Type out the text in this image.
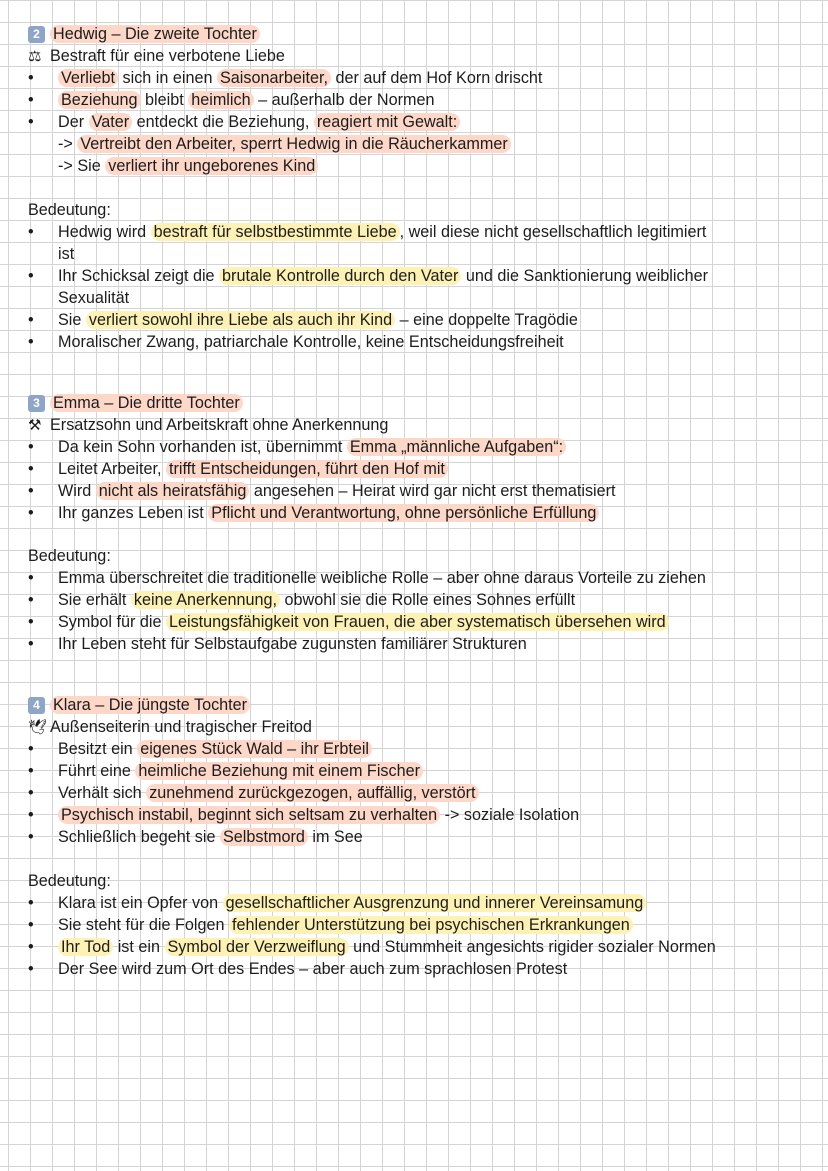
2 Hedwig – Die zweite Tochter
⚖ Bestraft für eine verbotene Liebe
• Verliebt sich in einen Saisonarbeiter, der auf dem Hof Korn drischt
• Beziehung bleibt heimlich – außerhalb der Normen
• Der Vater entdeckt die Beziehung, reagiert mit Gewalt:
-> Vertreibt den Arbeiter, sperrt Hedwig in die Räucherkammer
-> Sie verliert ihr ungeborenes Kind
Bedeutung:
• Hedwig wird bestraft für selbstbestimmte Liebe , weil diese nicht gesellschaftlich legitimiert
ist
• Ihr Schicksal zeigt die brutale Kontrolle durch den Vater und die Sanktionierung weiblicher
Sexualität
• Sie verliert sowohl ihre Liebe als auch ihr Kind – eine doppelte Tragödie
• Moralischer Zwang, patriarchale Kontrolle, keine Entscheidungsfreiheit
3 Emma – Die dritte Tochter
⚒ Ersatzsohn und Arbeitskraft ohne Anerkennung
• Da kein Sohn vorhanden ist, übernimmt Emma „männliche Aufgaben“:
• Leitet Arbeiter, trifft Entscheidungen, führt den Hof mit
• Wird nicht als heiratsfähig angesehen – Heirat wird gar nicht erst thematisiert
• Ihr ganzes Leben ist Pflicht und Verantwortung, ohne persönliche Erfüllung
Bedeutung:
• Emma überschreitet die traditionelle weibliche Rolle – aber ohne daraus Vorteile zu ziehen
• Sie erhält keine Anerkennung, obwohl sie die Rolle eines Sohnes erfüllt
• Symbol für die Leistungsfähigkeit von Frauen, die aber systematisch übersehen wird
• Ihr Leben steht für Selbstaufgabe zugunsten familiärer Strukturen
4 Klara – Die jüngste Tochter
🕊 Außenseiterin und tragischer Freitod
• Besitzt ein eigenes Stück Wald – ihr Erbteil
• Führt eine heimliche Beziehung mit einem Fischer
• Verhält sich zunehmend zurückgezogen, auffällig, verstört
• Psychisch instabil, beginnt sich seltsam zu verhalten -> soziale Isolation
• Schließlich begeht sie Selbstmord im See
Bedeutung:
• Klara ist ein Opfer von gesellschaftlicher Ausgrenzung und innerer Vereinsamung
• Sie steht für die Folgen fehlender Unterstützung bei psychischen Erkrankungen
• Ihr Tod ist ein Symbol der Verzweiflung und Stummheit angesichts rigider sozialer Normen
• Der See wird zum Ort des Endes – aber auch zum sprachlosen Protest
